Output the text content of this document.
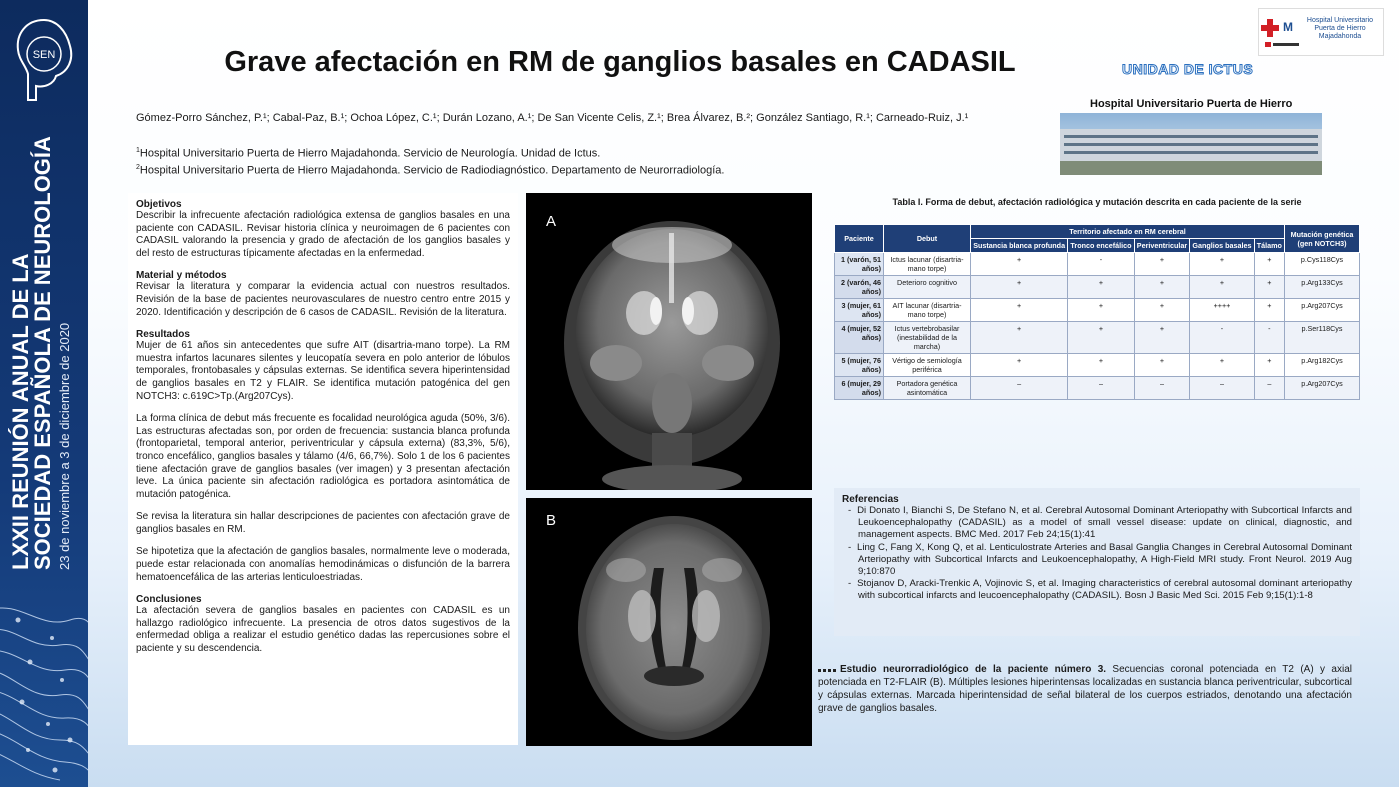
SEN
LXXII REUNIÓN ANUAL DE LA
SOCIEDAD ESPAÑOLA DE NEUROLOGÍA 23 de noviembre a 3 de diciembre de 2020
Grave afectación en RM de ganglios basales en CADASIL
Gómez-Porro Sánchez, P.¹; Cabal-Paz, B.¹; Ochoa López, C.¹; Durán Lozano, A.¹; De San Vicente Celis, Z.¹; Brea Álvarez, B.²; González Santiago, R.¹; Carneado-Ruiz, J.¹
$^1$Hospital Universitario Puerta de Hierro Majadahonda. Servicio de Neurología. Unidad de Ictus.
$^2$Hospital Universitario Puerta de Hierro Majadahonda. Servicio de Radiodiagnóstico. Departamento de Neurorradiología.
M	Hospital Universitario Puerta de Hierro Majadahonda
UNIDAD DE ICTUS
Hospital Universitario Puerta de Hierro

Objetivos

Describir la infrecuente afectación radiológica extensa de ganglios basales en una paciente con CADASIL. Revisar historia clínica y neuroimagen de 6 pacientes con CADASIL valorando la presencia y grado de afectación de los ganglios basales y del resto de estructuras típicamente afectadas en la enfermedad.

Material y métodos

Revisar la literatura y comparar la evidencia actual con nuestros resultados. Revisión de la base de pacientes neurovasculares de nuestro centro entre 2015 y 2020. Identificación y descripción de 6 casos de CADASIL. Revisión de la literatura.

Resultados

Mujer de 61 años sin antecedentes que sufre AIT (disartria-mano torpe). La RM muestra infartos lacunares silentes y leucopatía severa en polo anterior de lóbulos temporales, frontobasales y cápsulas externas. Se identifica severa hiperintensidad de ganglios basales en T2 y FLAIR. Se identifica mutación patogénica del gen NOTCH3: c.619C>Tp.(Arg207Cys).

La forma clínica de debut más frecuente es focalidad neurológica aguda (50%, 3/6). Las estructuras afectadas son, por orden de frecuencia: sustancia blanca profunda (frontoparietal, temporal anterior, periventricular y cápsula externa) (83,3%, 5/6), tronco encefálico, ganglios basales y tálamo (4/6, 66,7%). Solo 1 de los 6 pacientes tiene afectación grave de ganglios basales (ver imagen) y 3 presentan afectación leve. La única paciente sin afectación radiológica es portadora asintomática de mutación patogénica.

Se revisa la literatura sin hallar descripciones de pacientes con afectación grave de ganglios basales en RM.

Se hipotetiza que la afectación de ganglios basales, normalmente leve o moderada, puede estar relacionada con anomalías hemodinámicas o disfunción de la barrera hematoencefálica de las arterias lenticuloestriadas.

Conclusiones

La afectación severa de ganglios basales en pacientes con CADASIL es un hallazgo radiológico infrecuente. La presencia de otros datos sugestivos de la enfermedad obliga a realizar el estudio genético dadas las repercusiones sobre el paciente y su descendencia.

A
B
Tabla I. Forma de debut, afectación radiológica y mutación descrita en cada paciente de la serie
Paciente	Debut	Territorio afectado en RM cerebral					Mutación genética (gen NOTCH3)
		Sustancia blanca profunda	Tronco encefálico	Periventricular	Ganglios basales	Tálamo	
1 (varón, 51 años)	Ictus lacunar (disartria-mano torpe)	+	-	+	+	+	p.Cys118Cys
2 (varón, 46 años)	Deterioro cognitivo	+	+	+	+	+	p.Arg133Cys
3 (mujer, 61 años)	AIT lacunar (disartria-mano torpe)	+	+	+	++++	+	p.Arg207Cys
4 (mujer, 52 años)	Ictus vertebrobasilar (inestabilidad de la marcha)	+	+	+	-	-	p.Ser118Cys
5 (mujer, 76 años)	Vértigo de semiología periférica	+	+	+	+	+	p.Arg182Cys
6 (mujer, 29 años)	Portadora genética asintomática	–	–	–	–	–	p.Arg207Cys

Referencias

-  Di Donato I, Bianchi S, De Stefano N, et al. Cerebral Autosomal Dominant Arteriopathy with Subcortical Infarcts and Leukoencephalopathy (CADASIL) as a model of small vessel disease: update on clinical, diagnostic, and management aspects. BMC Med. 2017 Feb 24;15(1):41

-  Ling C, Fang X, Kong Q, et al. Lenticulostrate Arteries and Basal Ganglia Changes in Cerebral Autosomal Dominant Arteriopathy with Subcortical Infarcts and Leukoencephalopathy, A High-Field MRI study. Front Neurol. 2019 Aug 9;10:870

-  Stojanov D, Aracki-Trenkic A, Vojinovic S, et al. Imaging characteristics of cerebral autosomal dominant arteriopathy with subcortical infarcts and leucoencephalopathy (CADASIL). Bosn J Basic Med Sci. 2015 Feb 9;15(1):1-8

Estudio neurorradiológico de la paciente número 3. Secuencias coronal potenciada en T2 (A) y axial potenciada en T2-FLAIR (B). Múltiples lesiones hiperintensas localizadas en sustancia blanca periventricular, subcortical y cápsulas externas. Marcada hiperintensidad de señal bilateral de los cuerpos estriados, denotando una afectación grave de ganglios basales.
